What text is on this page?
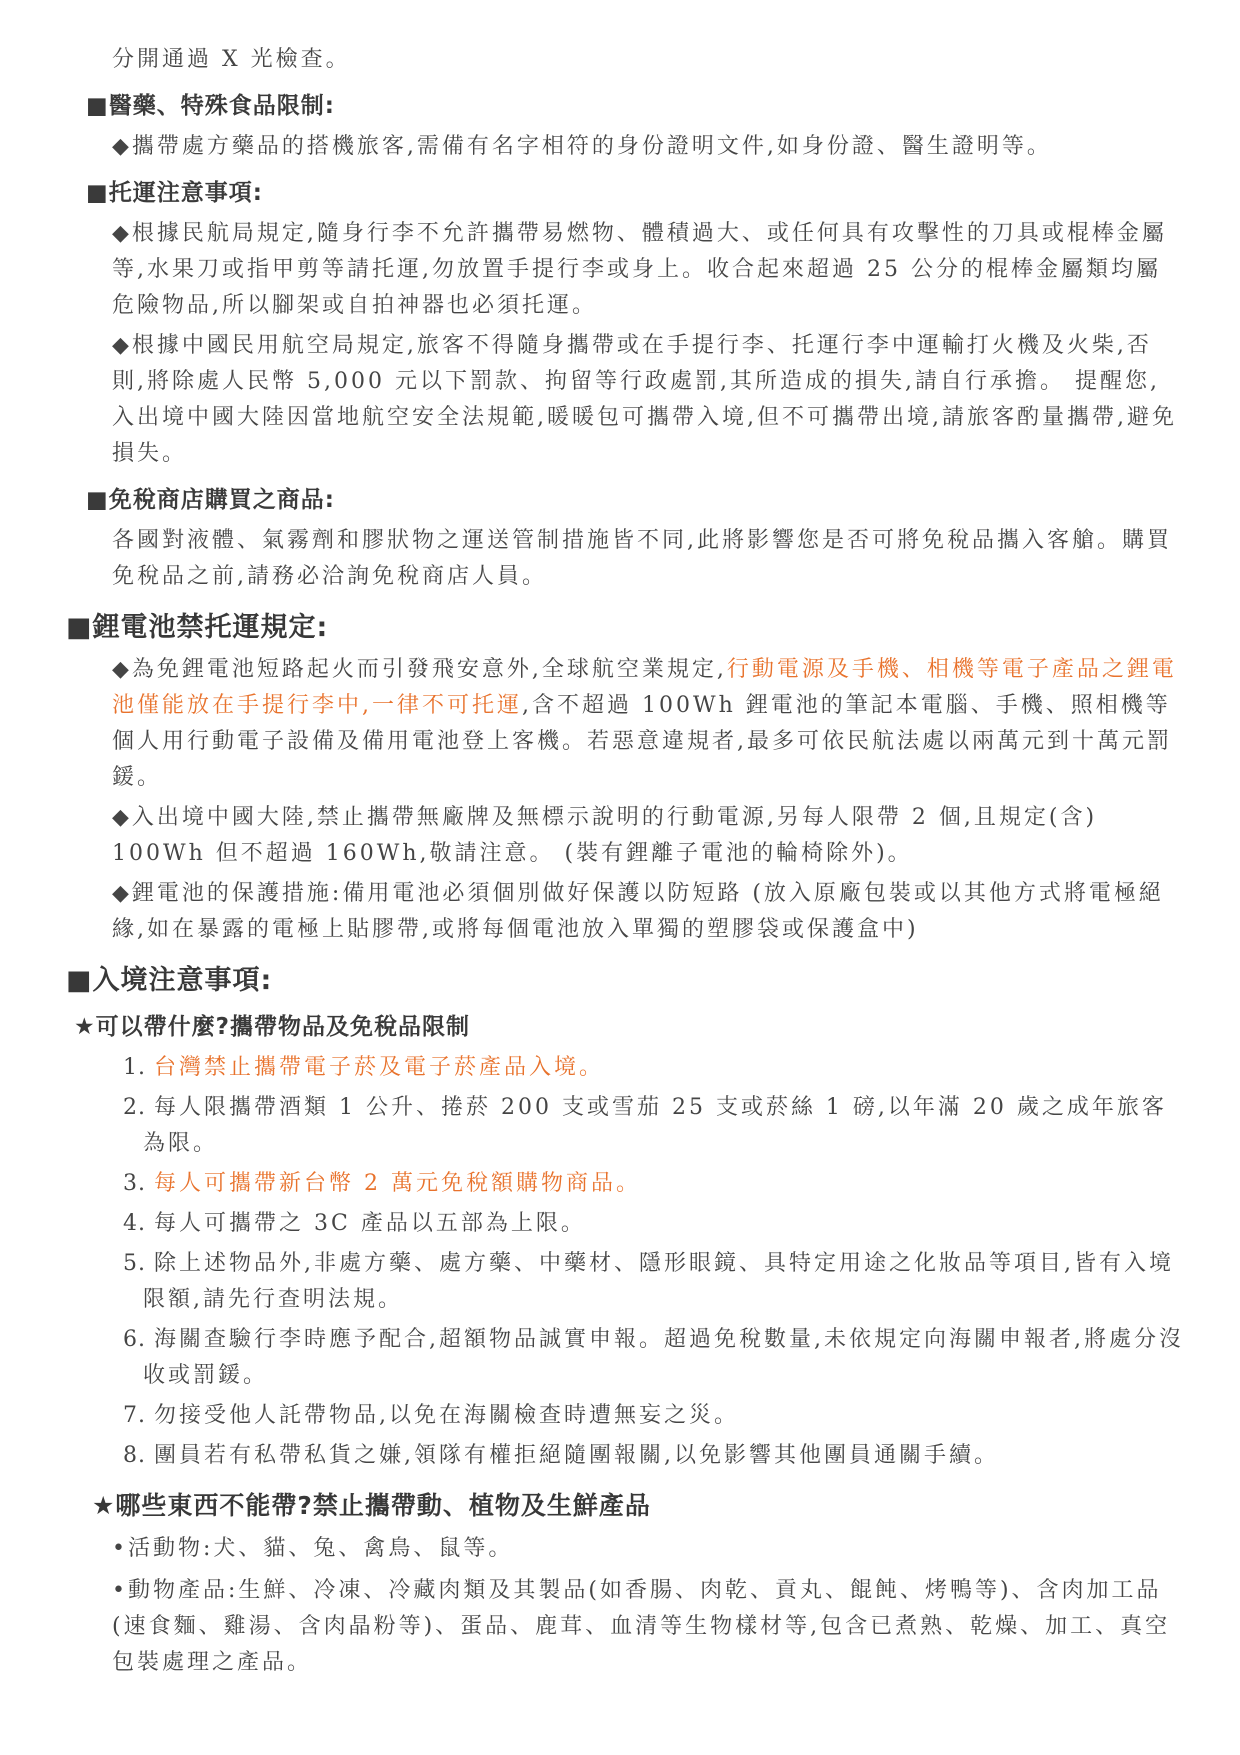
分開通過 X 光檢查。
■醫藥、特殊食品限制:
◆攜帶處方藥品的搭機旅客,需備有名字相符的身份證明文件,如身份證、醫生證明等。
■托運注意事項:
◆根據民航局規定,隨身行李不允許攜帶易燃物、體積過大、或任何具有攻擊性的刀具或棍棒金屬等,水果刀或指甲剪等請托運,勿放置手提行李或身上。收合起來超過 25 公分的棍棒金屬類均屬危險物品,所以腳架或自拍神器也必須托運。
◆根據中國民用航空局規定,旅客不得隨身攜帶或在手提行李、托運行李中運輸打火機及火柴,否則,將除處人民幣 5,000 元以下罰款、拘留等行政處罰,其所造成的損失,請自行承擔。 提醒您,入出境中國大陸因當地航空安全法規範,暖暖包可攜帶入境,但不可攜帶出境,請旅客酌量攜帶,避免損失。
■免稅商店購買之商品:
各國對液體、氣霧劑和膠狀物之運送管制措施皆不同,此將影響您是否可將免稅品攜入客艙。購買免稅品之前,請務必洽詢免稅商店人員。
■鋰電池禁托運規定:
◆為免鋰電池短路起火而引發飛安意外,全球航空業規定,行動電源及手機、相機等電子產品之鋰電池僅能放在手提行李中,一律不可托運,含不超過 100Wh 鋰電池的筆記本電腦、手機、照相機等個人用行動電子設備及備用電池登上客機。若惡意違規者,最多可依民航法處以兩萬元到十萬元罰鍰。
◆入出境中國大陸,禁止攜帶無廠牌及無標示說明的行動電源,另每人限帶 2 個,且規定(含) 100Wh 但不超過 160Wh,敬請注意。 (裝有鋰離子電池的輪椅除外)。
◆鋰電池的保護措施:備用電池必須個別做好保護以防短路 (放入原廠包裝或以其他方式將電極絕緣,如在暴露的電極上貼膠帶,或將每個電池放入單獨的塑膠袋或保護盒中)
■入境注意事項:
★可以帶什麼?攜帶物品及免稅品限制
1. 台灣禁止攜帶電子菸及電子菸產品入境。
2. 每人限攜帶酒類 1 公升、捲菸 200 支或雪茄 25 支或菸絲 1 磅,以年滿 20 歲之成年旅客為限。
3. 每人可攜帶新台幣 2 萬元免稅額購物商品。
4. 每人可攜帶之 3C 產品以五部為上限。
5. 除上述物品外,非處方藥、處方藥、中藥材、隱形眼鏡、具特定用途之化妝品等項目,皆有入境限額,請先行查明法規。
6. 海關查驗行李時應予配合,超額物品誠實申報。超過免稅數量,未依規定向海關申報者,將處分沒收或罰鍰。
7. 勿接受他人託帶物品,以免在海關檢查時遭無妄之災。
8. 團員若有私帶私貨之嫌,領隊有權拒絕隨團報關,以免影響其他團員通關手續。
★哪些東西不能帶?禁止攜帶動、植物及生鮮產品
•活動物:犬、貓、兔、禽鳥、鼠等。
•動物產品:生鮮、冷凍、冷藏肉類及其製品(如香腸、肉乾、貢丸、餛飩、烤鴨等)、含肉加工品(速食麵、雞湯、含肉晶粉等)、蛋品、鹿茸、血清等生物樣材等,包含已煮熟、乾燥、加工、真空包裝處理之產品。
